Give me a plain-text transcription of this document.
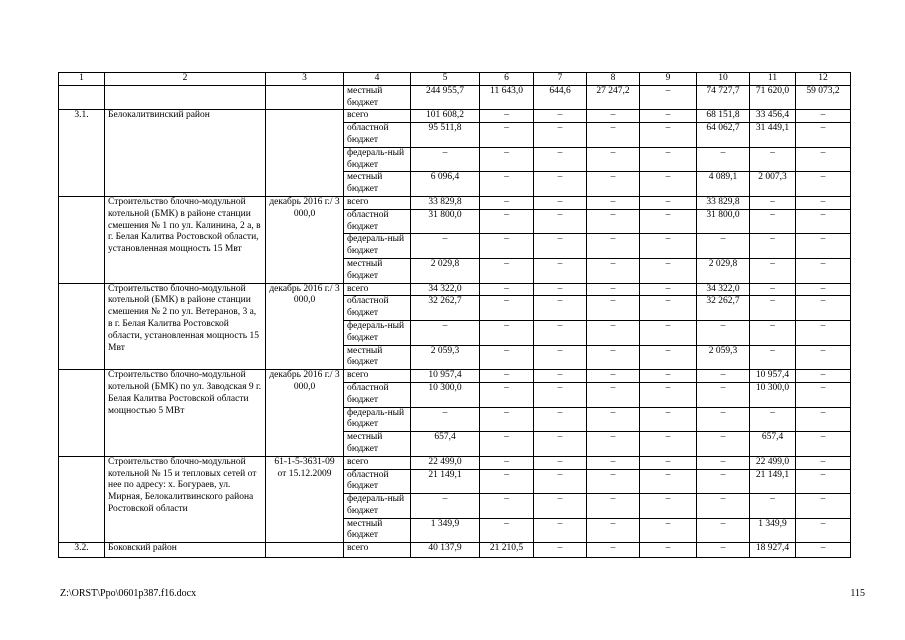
1	2	3	4	5	6	7	8	9	10	11	12
			местный бюджет	244 955,7	11 643,0	644,6	27 247,2	–	74 727,7	71 620,0	59 073,2
3.1.	Белокалитвинский район		всего	101 608,2	–	–	–	–	68 151,8	33 456,4	–
			областной бюджет	95 511,8	–	–	–	–	64 062,7	31 449,1	–
			федераль-ный бюджет	–	–	–	–	–	–	–	–
			местный бюджет	6 096,4	–	–	–	–	4 089,1	2 007,3	–
	Строительство блочно-модульной котельной (БМК) в районе станции смешения № 1 по ул. Калинина, 2 а, в г. Белая Калитва Ростовской области, установленная мощность 15 Мвт	декабрь 2016 г./ 3 000,0	всего	33 829,8	–	–	–	–	33 829,8	–	–
			областной бюджет	31 800,0	–	–	–	–	31 800,0	–	–
			федераль-ный бюджет	–	–	–	–	–	–	–	–
			местный бюджет	2 029,8	–	–	–	–	2 029,8	–	–
	Строительство блочно-модульной котельной (БМК) в районе станции смешения № 2 по ул. Ветеранов, 3 а, в г. Белая Калитва Ростовской области, установленная мощность 15 Мвт	декабрь 2016 г./ 3 000,0	всего	34 322,0	–	–	–	–	34 322,0	–	–
			областной бюджет	32 262,7	–	–	–	–	32 262,7	–	–
			федераль-ный бюджет	–	–	–	–	–	–	–	–
			местный бюджет	2 059,3	–	–	–	–	2 059,3	–	–
	Строительство блочно-модульной котельной (БМК) по ул. Заводская 9 г. Белая Калитва Ростовской области мощностью 5 МВт	декабрь 2016 г./ 3 000,0	всего	10 957,4	–	–	–	–	–	10 957,4	–
			областной бюджет	10 300,0	–	–	–	–	–	10 300,0	–
			федераль-ный бюджет	–	–	–	–	–	–	–	–
			местный бюджет	657,4	–	–	–	–	–	657,4	–
	Строительство блочно-модульной котельной № 15 и тепловых сетей от нее по адресу: х. Богураев, ул. Мирная, Белокалитвинского района Ростовской области	61-1-5-3631-09 от 15.12.2009	всего	22 499,0	–	–	–	–	–	22 499,0	–
			областной бюджет	21 149,1	–	–	–	–	–	21 149,1	–
			федераль-ный бюджет	–	–	–	–	–	–	–	–
			местный бюджет	1 349,9	–	–	–	–	–	1 349,9	–
3.2.	Боковский район		всего	40 137,9	21 210,5	–	–	–	–	18 927,4	–
Z:\ORST\Ppo\0601p387.f16.docx	115
